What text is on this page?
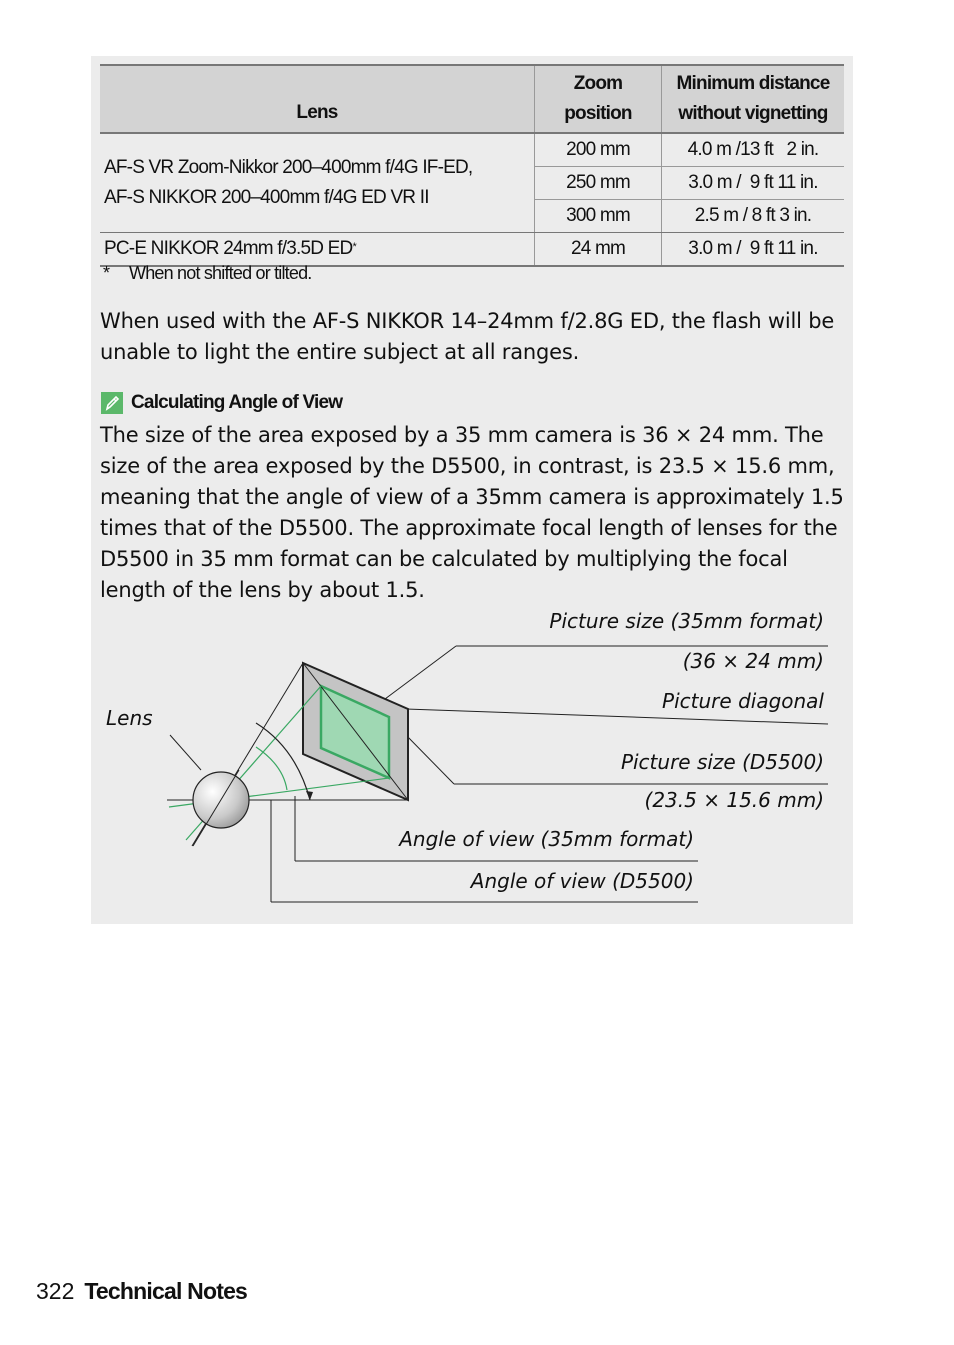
Lens	Zoom position	Minimum distance without vignetting

AF-S VR Zoom-Nikkor 200–400mm f/4G IF-ED,
AF-S NIKKOR 200–400mm f/4G ED VR II	200 mm	4.0 m /13 ft   2 in.
	250 mm	3.0 m /  9 ft 11 in.
	300 mm	2.5 m / 8 ft 3 in.
PC-E NIKKOR 24mm f/3.5D ED*	24 mm	3.0 m /  9 ft 11 in.
* When not shifted or tilted.
When used with the AF-S NIKKOR 14–24mm f/2.8G ED, the flash will be unable to light the entire subject at all ranges.
Calculating Angle of View
The size of the area exposed by a 35 mm camera is 36 × 24 mm. The size of the area exposed by the D5500, in contrast, is 23.5 × 15.6 mm, meaning that the angle of view of a 35mm camera is approximately 1.5 times that of the D5500. The approximate focal length of lenses for the D5500 in 35 mm format can be calculated by multiplying the focal length of the lens by about 1.5.
Lens
Picture size (35mm format)
(36 × 24 mm)
Picture diagonal
Picture size (D5500)
(23.5 × 15.6 mm)
Angle of view (35mm format)
Angle of view (D5500)
322 Technical Notes
